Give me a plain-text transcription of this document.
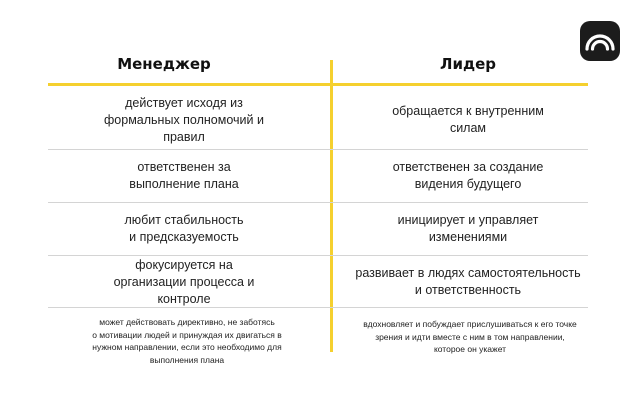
Менеджер	Лидер
действует исходя из
формальных полномочий и
правил
обращается к внутренним
силам
ответственен за
выполнение плана
ответственен за создание
видения будущего
любит стабильность
и предсказуемость
инициирует и управляет
изменениями
фокусируется на
организации процесса и
контроле
развивает в людях самостоятельность
и ответственность
может действовать директивно, не заботясь
о мотивации людей и принуждая их двигаться в
нужном направлении, если это необходимо для
выполнения плана
вдохновляет и побуждает прислушиваться к его точке
зрения и идти вместе с ним в том направлении,
которое он укажет
